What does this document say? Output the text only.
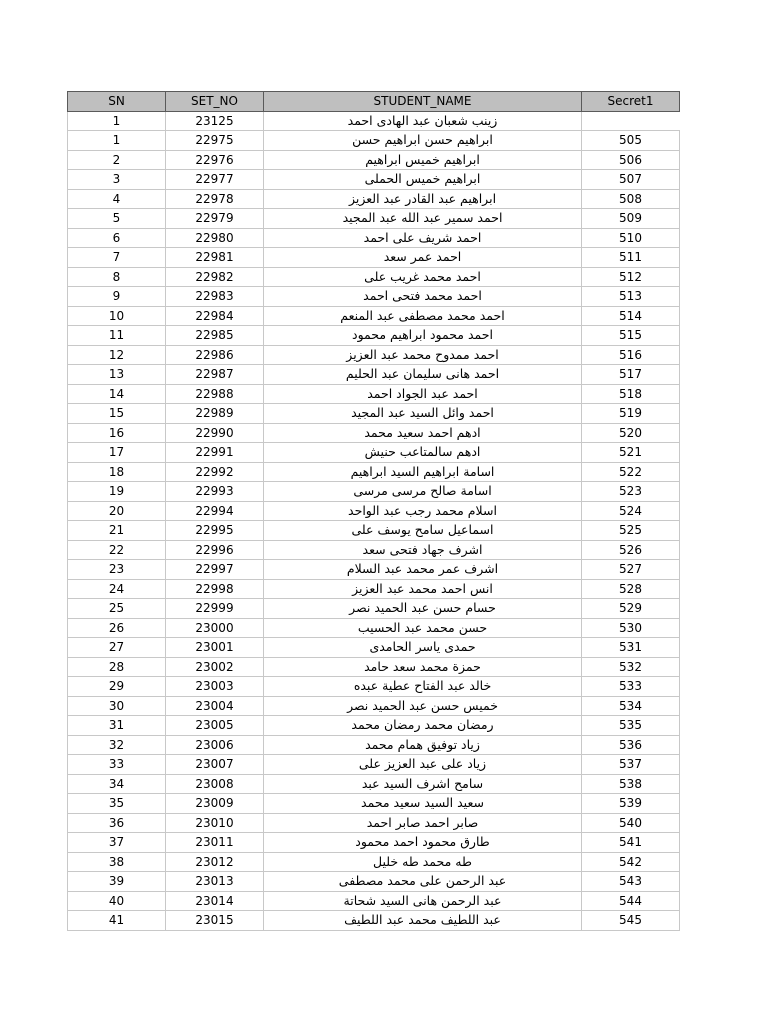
SN	SET_NO	STUDENT_NAME	Secret1
1	23125	زينب شعبان عبد الهادى احمد	
1	22975	ابراهيم حسن ابراهيم حسن	505
2	22976	ابراهيم خميس ابراهيم	506
3	22977	ابراهيم خميس الحملى	507
4	22978	ابراهيم عبد القادر عبد العزيز	508
5	22979	احمد سمير عبد الله عبد المجيد	509
6	22980	احمد شريف على احمد	510
7	22981	احمد عمر سعد	511
8	22982	احمد محمد غريب على	512
9	22983	احمد محمد فتحى احمد	513
10	22984	احمد محمد مصطفى عبد المنعم	514
11	22985	احمد محمود ابراهيم محمود	515
12	22986	احمد ممدوح محمد عبد العزيز	516
13	22987	احمد هانى سليمان عبد الحليم	517
14	22988	احمد عبد الجواد احمد	518
15	22989	احمد وائل السيد عبد المجيد	519
16	22990	ادهم احمد سعيد محمد	520
17	22991	ادهم سالمتاعب حنيش	521
18	22992	اسامة ابراهيم السيد ابراهيم	522
19	22993	اسامة صالح مرسى مرسى	523
20	22994	اسلام محمد رجب عبد الواحد	524
21	22995	اسماعيل سامح يوسف على	525
22	22996	اشرف جهاد فتحى سعد	526
23	22997	اشرف عمر محمد عبد السلام	527
24	22998	انس احمد محمد عبد العزيز	528
25	22999	حسام حسن عبد الحميد نصر	529
26	23000	حسن محمد عبد الحسيب	530
27	23001	حمدى ياسر الحامدى	531
28	23002	حمزة محمد سعد حامد	532
29	23003	خالد عبد الفتاح عطية عبده	533
30	23004	خميس حسن عبد الحميد نصر	534
31	23005	رمضان محمد رمضان محمد	535
32	23006	زياد توفيق همام محمد	536
33	23007	زياد على عبد العزيز على	537
34	23008	سامح اشرف السيد عبد	538
35	23009	سعيد السيد سعيد محمد	539
36	23010	صابر احمد صابر احمد	540
37	23011	طارق محمود احمد محمود	541
38	23012	طه محمد طه خليل	542
39	23013	عبد الرحمن على محمد مصطفى	543
40	23014	عبد الرحمن هانى السيد شحاتة	544
41	23015	عبد اللطيف محمد عبد اللطيف	545
